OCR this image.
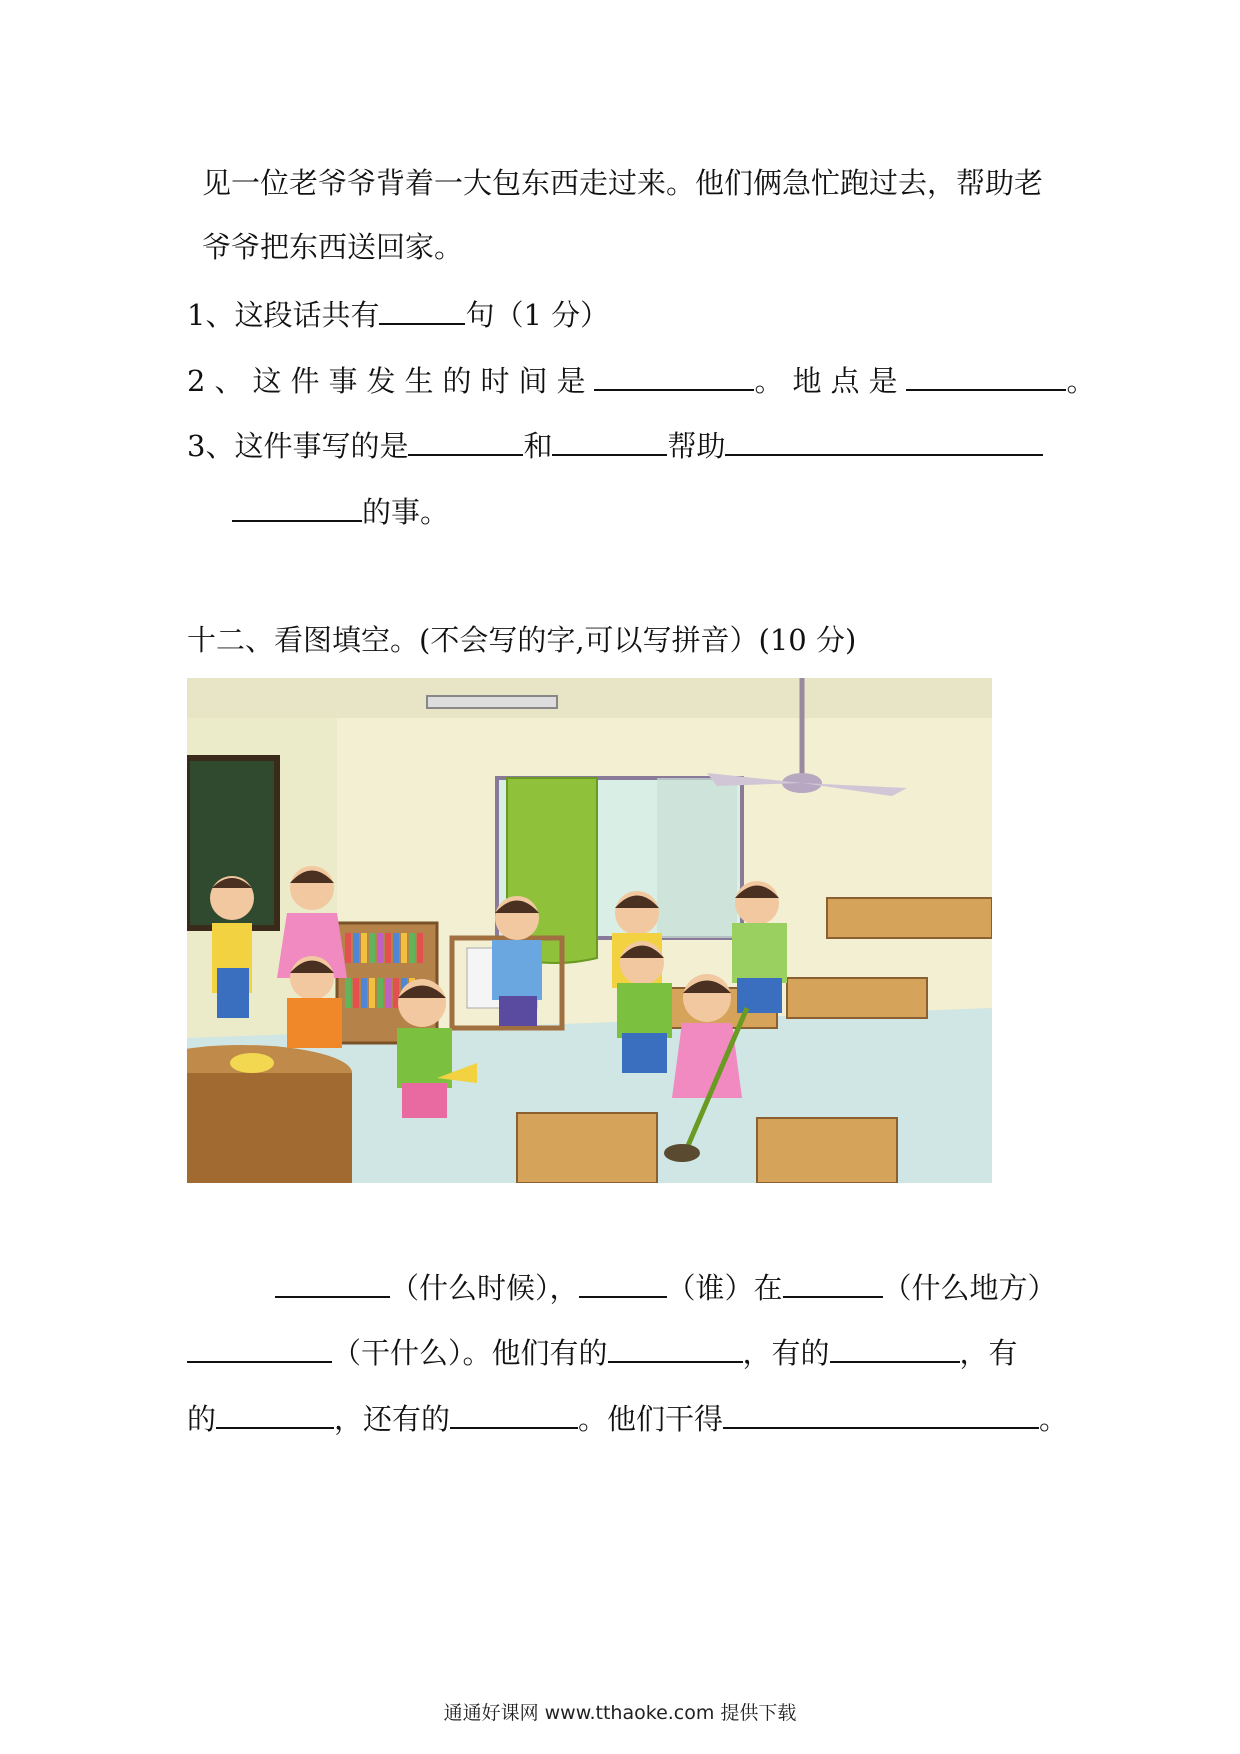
见一位老爷爷背着一大包东西走过来。他们俩急忙跑过去，帮助老
爷爷把东西送回家。
1、这段话共有	句（1 分）
2、这件事发生的时间是	。地点是	。
3、这件事写的是	和	帮助
的事。
十二、看图填空。(不会写的字,可以写拼音）(10 分)
（什么时候），	（谁）在	（什么地方）
（干什么）。他们有的	，有的	，有
的	，还有的	。他们干得	。
通通好课网 www.tthaoke.com 提供下载
